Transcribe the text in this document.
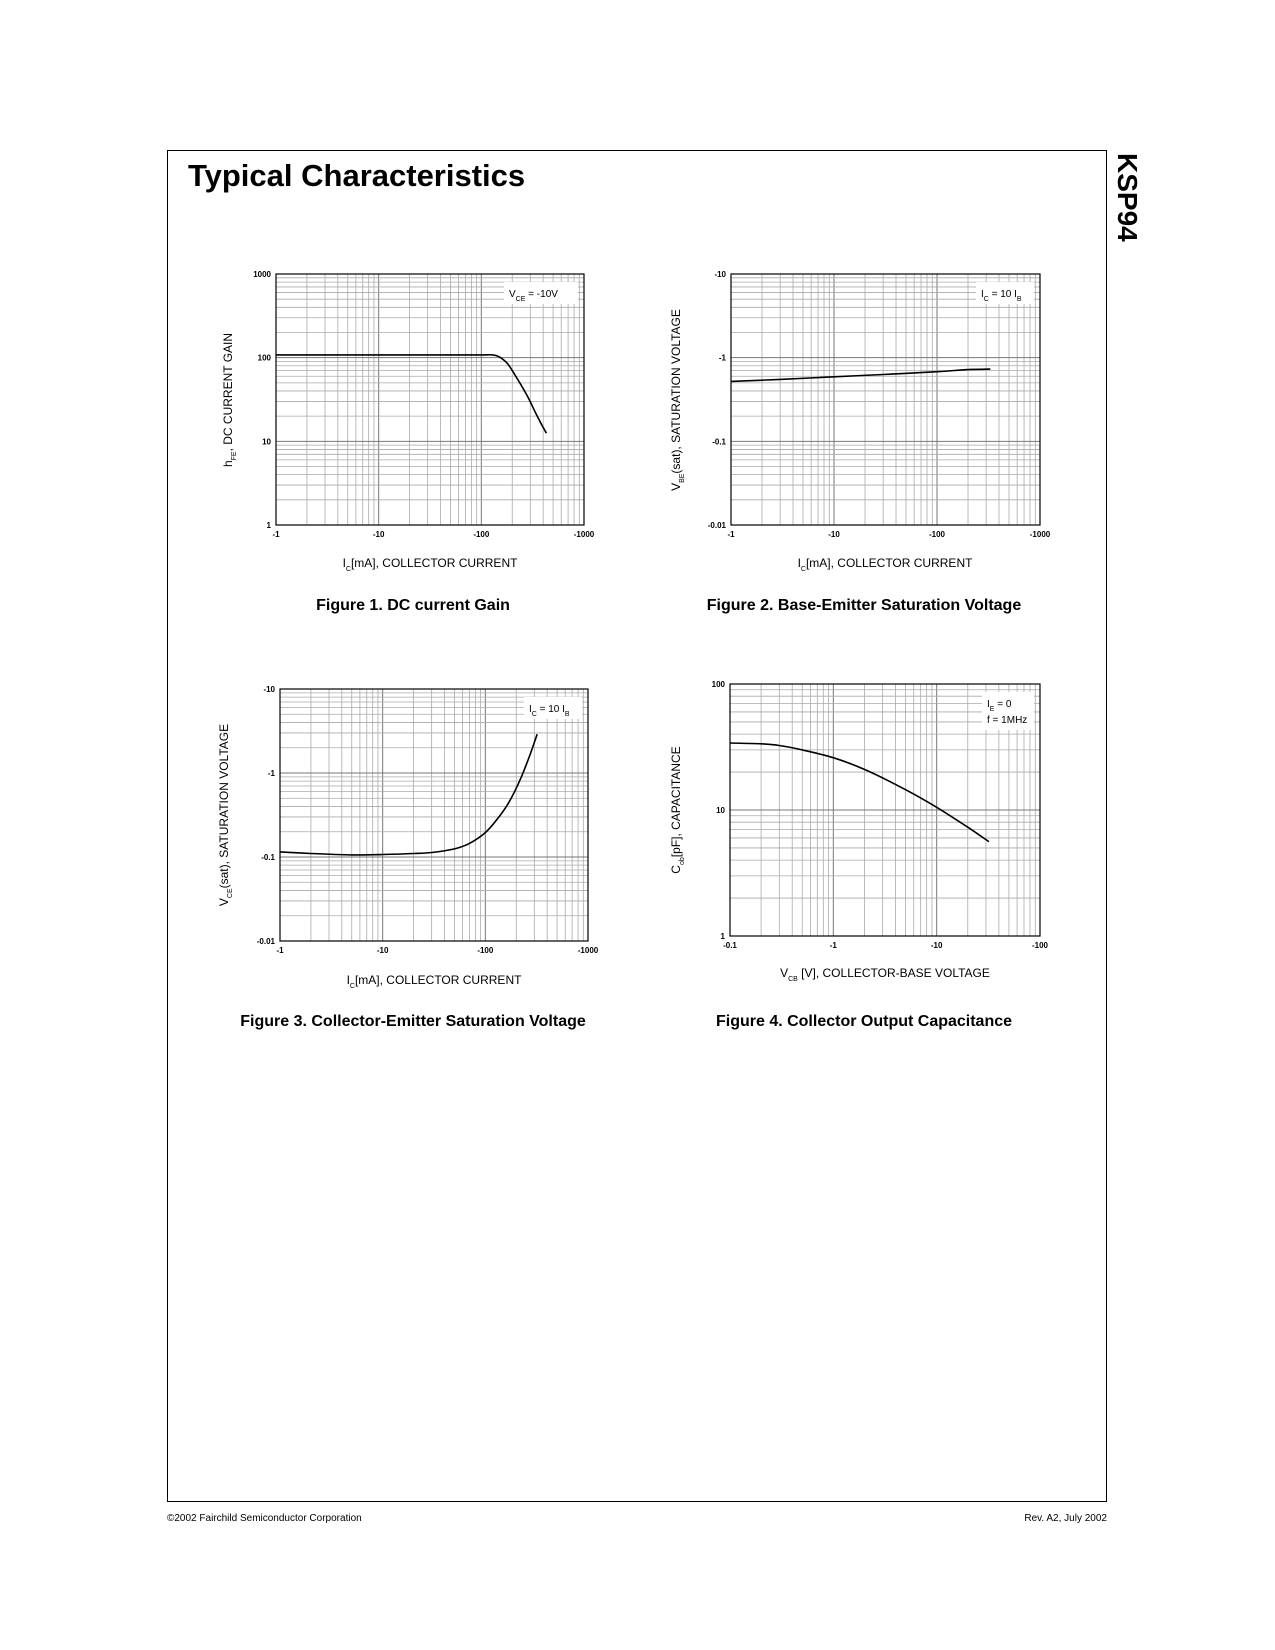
Typical Characteristics	KSP94
-1	-10	-100	-1000
1
10
100
1000
$I_C[mA]$, COLLECTOR CURRENT
$h_{FE}$, DC CURRENT GAIN
$V_{CE} = -10V$
-1	-10	-100	-1000
-0.01
-0.1
-1
-10
$I_C[mA]$, COLLECTOR CURRENT
$V_{BE}(sat)$, SATURATION VOLTAGE
$I_C = 10$ $I_B$
-1	-10	-100	-1000
-0.01
-0.1
-1
-10
$I_C[mA]$, COLLECTOR CURRENT
$V_{CE}(sat)$, SATURATION VOLTAGE
$I_C = 10$ $I_B$
-0.1	-1	-10	-100
1
10
100
$V_{CB}$ [V], COLLECTOR-BASE VOLTAGE
$C_{ob}[pF]$, CAPACITANCE
$I_E = 0$
f = 1MHz
Figure 1. DC current Gain	Figure 2. Base-Emitter Saturation Voltage
Figure 3. Collector-Emitter Saturation Voltage	Figure 4. Collector Output Capacitance
©2002 Fairchild Semiconductor Corporation	Rev. A2, July 2002
